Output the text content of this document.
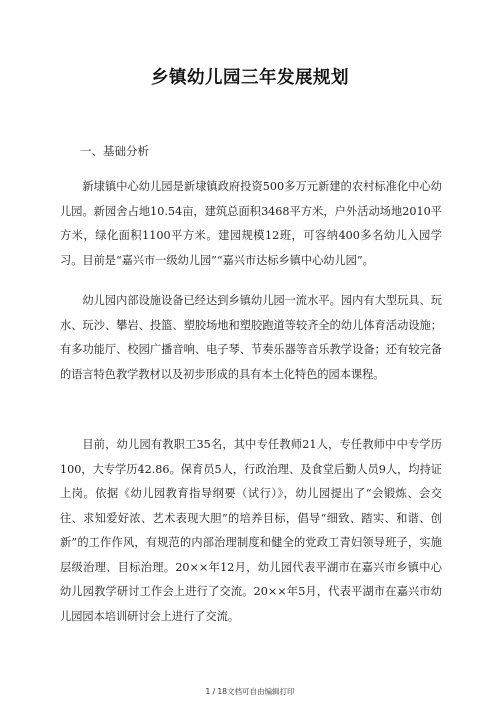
乡镇幼儿园三年发展规划
一、基础分析

新埭镇中心幼儿园是新埭镇政府投资500多万元新建的农村标准化中心幼儿园。新园舍占地10.54亩，建筑总面积3468平方米，户外活动场地2010平方米，绿化面积1100平方米。建园规模12班，可容纳400多名幼儿入园学习。目前是“嘉兴市一级幼儿园”“嘉兴市达标乡镇中心幼儿园”。

幼儿园内部设施设备已经达到乡镇幼儿园一流水平。园内有大型玩具、玩水、玩沙、攀岩、投篮、塑胶场地和塑胶跑道等较齐全的幼儿体育活动设施；有多功能厅、校园广播音响、电子琴、节奏乐器等音乐教学设备；还有较完备的语言特色教学教材以及初步形成的具有本土化特色的园本课程。

目前，幼儿园有教职工35名，其中专任教师21人，专任教师中中专学历100，大专学历42.86。保育员5人，行政治理、及食堂后勤人员9人，均持证上岗。依据《幼儿园教育指导纲要（试行）》，幼儿园提出了“会锻炼、会交往、求知爱好浓、艺术表现大胆”的培养目标，倡导“细致、踏实、和谐、创新”的工作作风，有规范的内部治理制度和健全的党政工青妇领导班子，实施层级治理、目标治理。20××年12月，幼儿园代表平湖市在嘉兴市乡镇中心幼儿园教学研讨工作会上进行了交流。20××年5月，代表平湖市在嘉兴市幼儿园园本培训研讨会上进行了交流。

1 / 18文档可自由编辑打印
